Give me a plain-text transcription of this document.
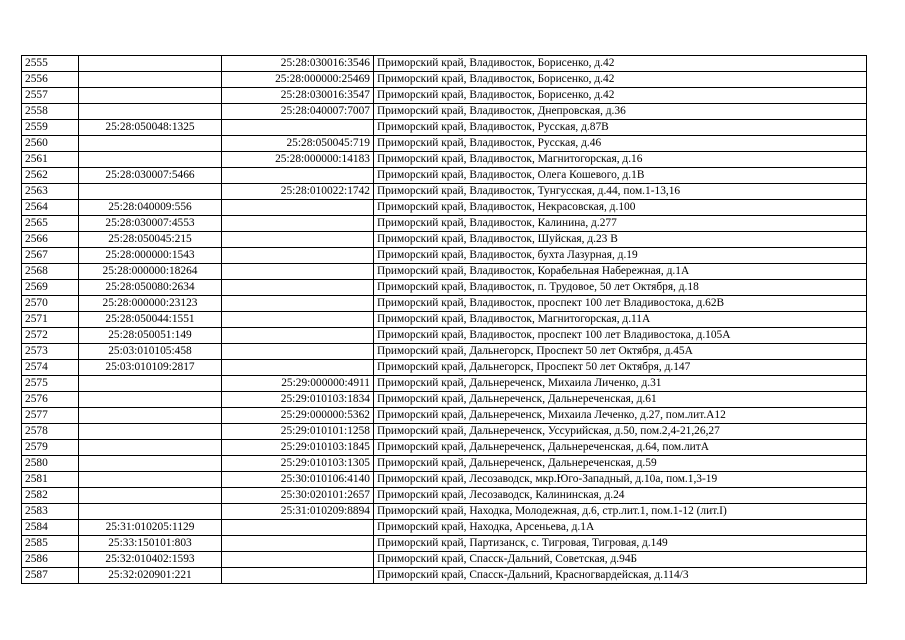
2555		25:28:030016:3546	Приморский край, Владивосток, Борисенко, д.42
2556		25:28:000000:25469	Приморский край, Владивосток, Борисенко, д.42
2557		25:28:030016:3547	Приморский край, Владивосток, Борисенко, д.42
2558		25:28:040007:7007	Приморский край, Владивосток, Днепровская, д.36
2559	25:28:050048:1325		Приморский край, Владивосток, Русская, д.87В
2560		25:28:050045:719	Приморский край, Владивосток, Русская, д.46
2561		25:28:000000:14183	Приморский край, Владивосток, Магнитогорская, д.16
2562	25:28:030007:5466		Приморский край, Владивосток, Олега Кошевого, д.1В
2563		25:28:010022:1742	Приморский край, Владивосток, Тунгусская, д.44, пом.1-13,16
2564	25:28:040009:556		Приморский край, Владивосток, Некрасовская, д.100
2565	25:28:030007:4553		Приморский край, Владивосток, Калинина, д.277
2566	25:28:050045:215		Приморский край, Владивосток, Шуйская, д.23 В
2567	25:28:000000:1543		Приморский край, Владивосток, бухта Лазурная, д.19
2568	25:28:000000:18264		Приморский край, Владивосток, Корабельная Набережная, д.1А
2569	25:28:050080:2634		Приморский край, Владивосток, п. Трудовое, 50 лет Октября, д.18
2570	25:28:000000:23123		Приморский край, Владивосток, проспект 100 лет Владивостока, д.62В
2571	25:28:050044:1551		Приморский край, Владивосток, Магнитогорская, д.11А
2572	25:28:050051:149		Приморский край, Владивосток, проспект 100 лет Владивостока, д.105А
2573	25:03:010105:458		Приморский край, Дальнегорск, Проспект 50 лет Октября, д.45А
2574	25:03:010109:2817		Приморский край, Дальнегорск, Проспект 50 лет Октября, д.147
2575		25:29:000000:4911	Приморский край, Дальнереченск, Михаила Личенко, д.31
2576		25:29:010103:1834	Приморский край, Дальнереченск, Дальнереченская, д.61
2577		25:29:000000:5362	Приморский край, Дальнереченск, Михаила Леченко, д.27, пом.лит.А12
2578		25:29:010101:1258	Приморский край, Дальнереченск, Уссурийская, д.50, пом.2,4-21,26,27
2579		25:29:010103:1845	Приморский край, Дальнереченск, Дальнереченская, д.64, пом.литА
2580		25:29:010103:1305	Приморский край, Дальнереченск, Дальнереченская, д.59
2581		25:30:010106:4140	Приморский край, Лесозаводск, мкр.Юго-Западный, д.10а, пом.1,3-19
2582		25:30:020101:2657	Приморский край, Лесозаводск, Калининская, д.24
2583		25:31:010209:8894	Приморский край, Находка, Молодежная, д.6, стр.лит.1, пом.1-12 (лит.I)
2584	25:31:010205:1129		Приморский край, Находка, Арсеньева, д.1А
2585	25:33:150101:803		Приморский край, Партизанск, с. Тигровая, Тигровая, д.149
2586	25:32:010402:1593		Приморский край, Спасск-Дальний, Советская, д.94Б
2587	25:32:020901:221		Приморский край, Спасск-Дальний, Красногвардейская, д.114/3
